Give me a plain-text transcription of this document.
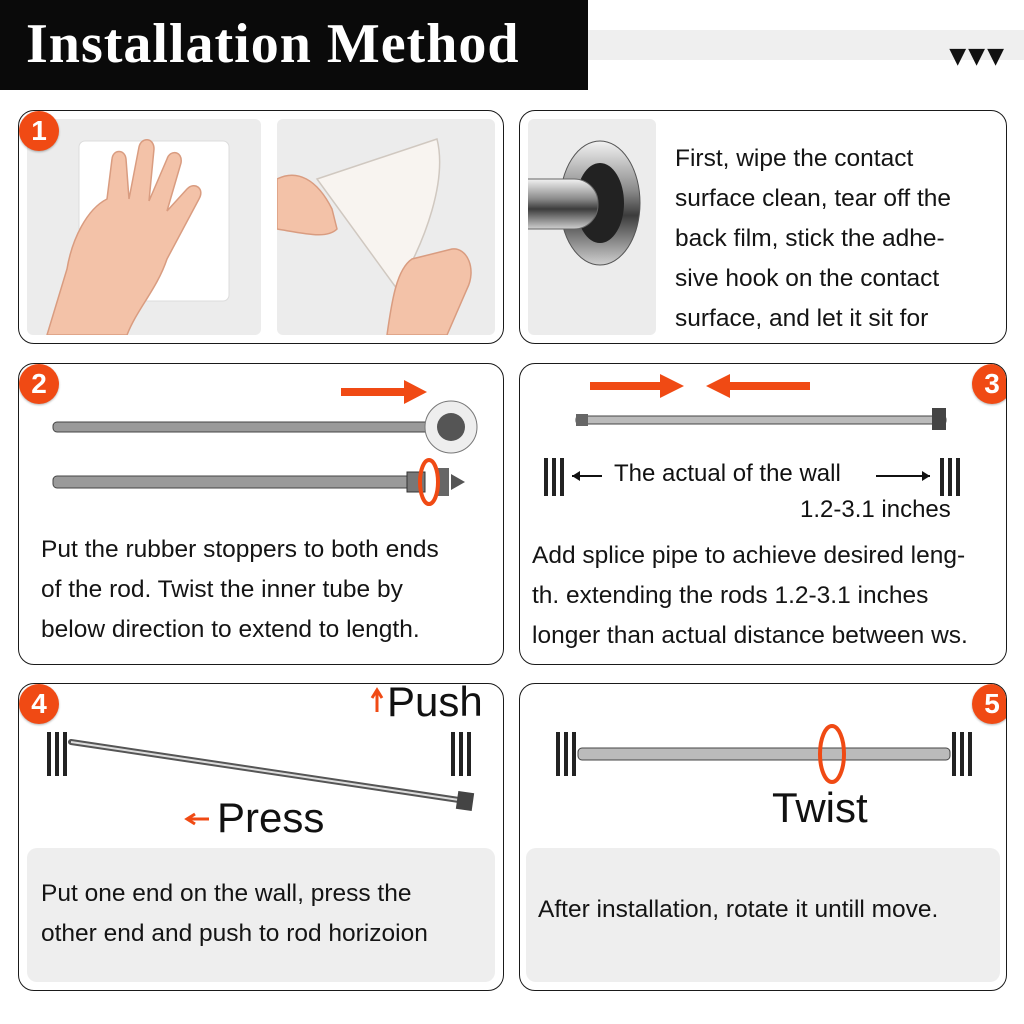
Installation Method	▼▼▼
1
First, wipe the contact
surface clean, tear off the
back film, stick the adhe-
sive hook on the contact
surface, and let it sit for
2
Put the rubber stoppers to both ends
of the rod. Twist the inner tube by
below direction to extend to length.
3
The actual of the wall
1.2-3.1 inches
Add splice pipe to achieve desired leng-
th. extending the rods 1.2-3.1 inches
longer than actual distance between ws.
4	Push
Press
Put one end on the wall, press the
other end and push to rod horizoion
5
Twist
After installation, rotate it untill move.
